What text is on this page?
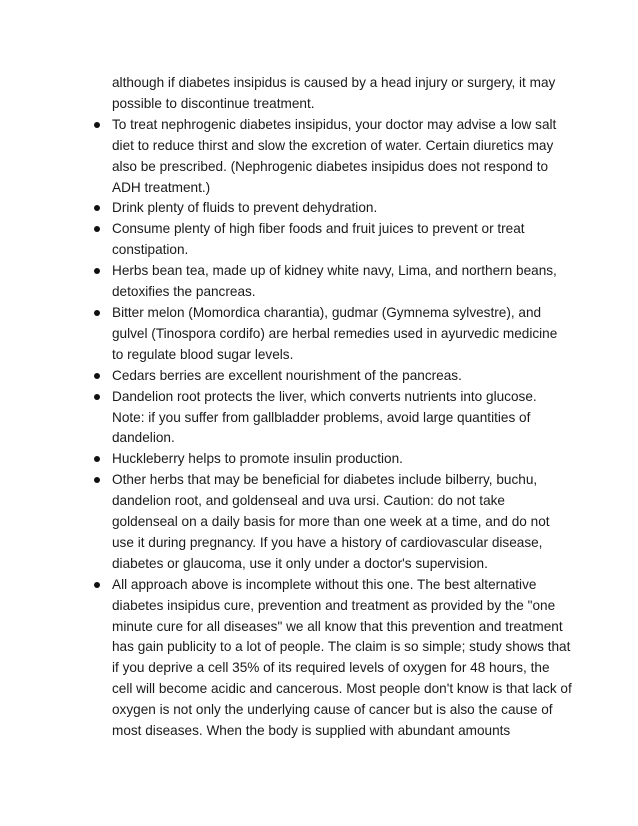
although if diabetes insipidus is caused by a head injury or surgery, it may possible to discontinue treatment.

To treat nephrogenic diabetes insipidus, your doctor may advise a low salt diet to reduce thirst and slow the excretion of water. Certain diuretics may also be prescribed. (Nephrogenic diabetes insipidus does not respond to ADH treatment.)
Drink plenty of fluids to prevent dehydration.
Consume plenty of high fiber foods and fruit juices to prevent or treat constipation.
Herbs bean tea, made up of kidney white navy, Lima, and northern beans, detoxifies the pancreas.
Bitter melon (Momordica charantia), gudmar (Gymnema sylvestre), and gulvel (Tinospora cordifo) are herbal remedies used in ayurvedic medicine to regulate blood sugar levels.
Cedars berries are excellent nourishment of the pancreas.
Dandelion root protects the liver, which converts nutrients into glucose. Note: if you suffer from gallbladder problems, avoid large quantities of dandelion.
Huckleberry helps to promote insulin production.
Other herbs that may be beneficial for diabetes include bilberry, buchu, dandelion root, and goldenseal and uva ursi. Caution: do not take goldenseal on a daily basis for more than one week at a time, and do not use it during pregnancy. If you have a history of cardiovascular disease, diabetes or glaucoma, use it only under a doctor's supervision.
All approach above is incomplete without this one. The best alternative diabetes insipidus cure, prevention and treatment as provided by the "one minute cure for all diseases" we all know that this prevention and treatment has gain publicity to a lot of people. The claim is so simple; study shows that if you deprive a cell 35% of its required levels of oxygen for 48 hours, the cell will become acidic and cancerous. Most people don't know is that lack of oxygen is not only the underlying cause of cancer but is also the cause of most diseases. When the body is supplied with abundant amounts
